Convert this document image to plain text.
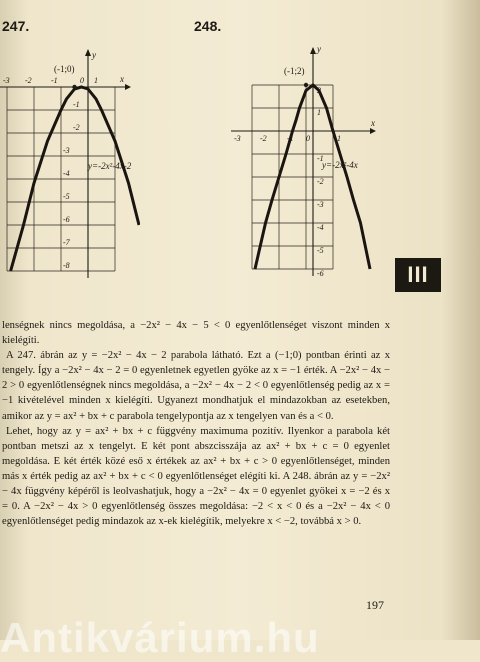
247.	248.
x
y
-3 -2 -1	0 1
-1
-2
-3
-4
-5
-6
-7
-8
(-1;0)
y=-2x²-4x-2
x
y
-3 -2	-1 0	1
2
1
-1
-2
-3
-4
-5
-6
(-1;2)
y=-2x²-4x
III

lenségnek nincs megoldása, a −2x² − 4x − 5 < 0 egyenlőtlenséget viszont minden x kielégíti.

A 247. ábrán az y = −2x² − 4x − 2 parabola látható. Ezt a (−1;0) pontban érinti az x tengely. Így a −2x² − 4x − 2 = 0 egyenletnek egyetlen gyöke az x = −1 érték. A −2x² − 4x − 2 > 0 egyenlőtlenségnek nincs megoldása, a −2x² − 4x − 2 < 0 egyenlőtlenség pedig az x = −1 kivételével minden x kielégíti. Ugyanezt mondhatjuk el mindazokban az esetekben, amikor az y = ax² + bx + c parabola tengelypontja az x tengelyen van és a < 0.

Lehet, hogy az y = ax² + bx + c függvény maximuma pozitív. Ilyenkor a parabola két pontban metszi az x tengelyt. E két pont abszcisszája az ax² + bx + c = 0 egyenlet megoldása. E két érték közé eső x értékek az ax² + bx + c > 0 egyenlőtlenséget, minden más x érték pedig az ax² + bx + c < 0 egyenlőtlenséget elégíti ki. A 248. ábrán az y = −2x² − 4x függvény képéről is leolvashatjuk, hogy a −2x² − 4x = 0 egyenlet gyökei x = −2 és x = 0. A −2x² − 4x > 0 egyenlőtlenség összes megoldása: −2 < x < 0 és a −2x² − 4x < 0 egyenlőtlenséget pedig mindazok az x-ek kielégítik, melyekre x < −2, továbbá x > 0.

197
Antikvárium.hu
